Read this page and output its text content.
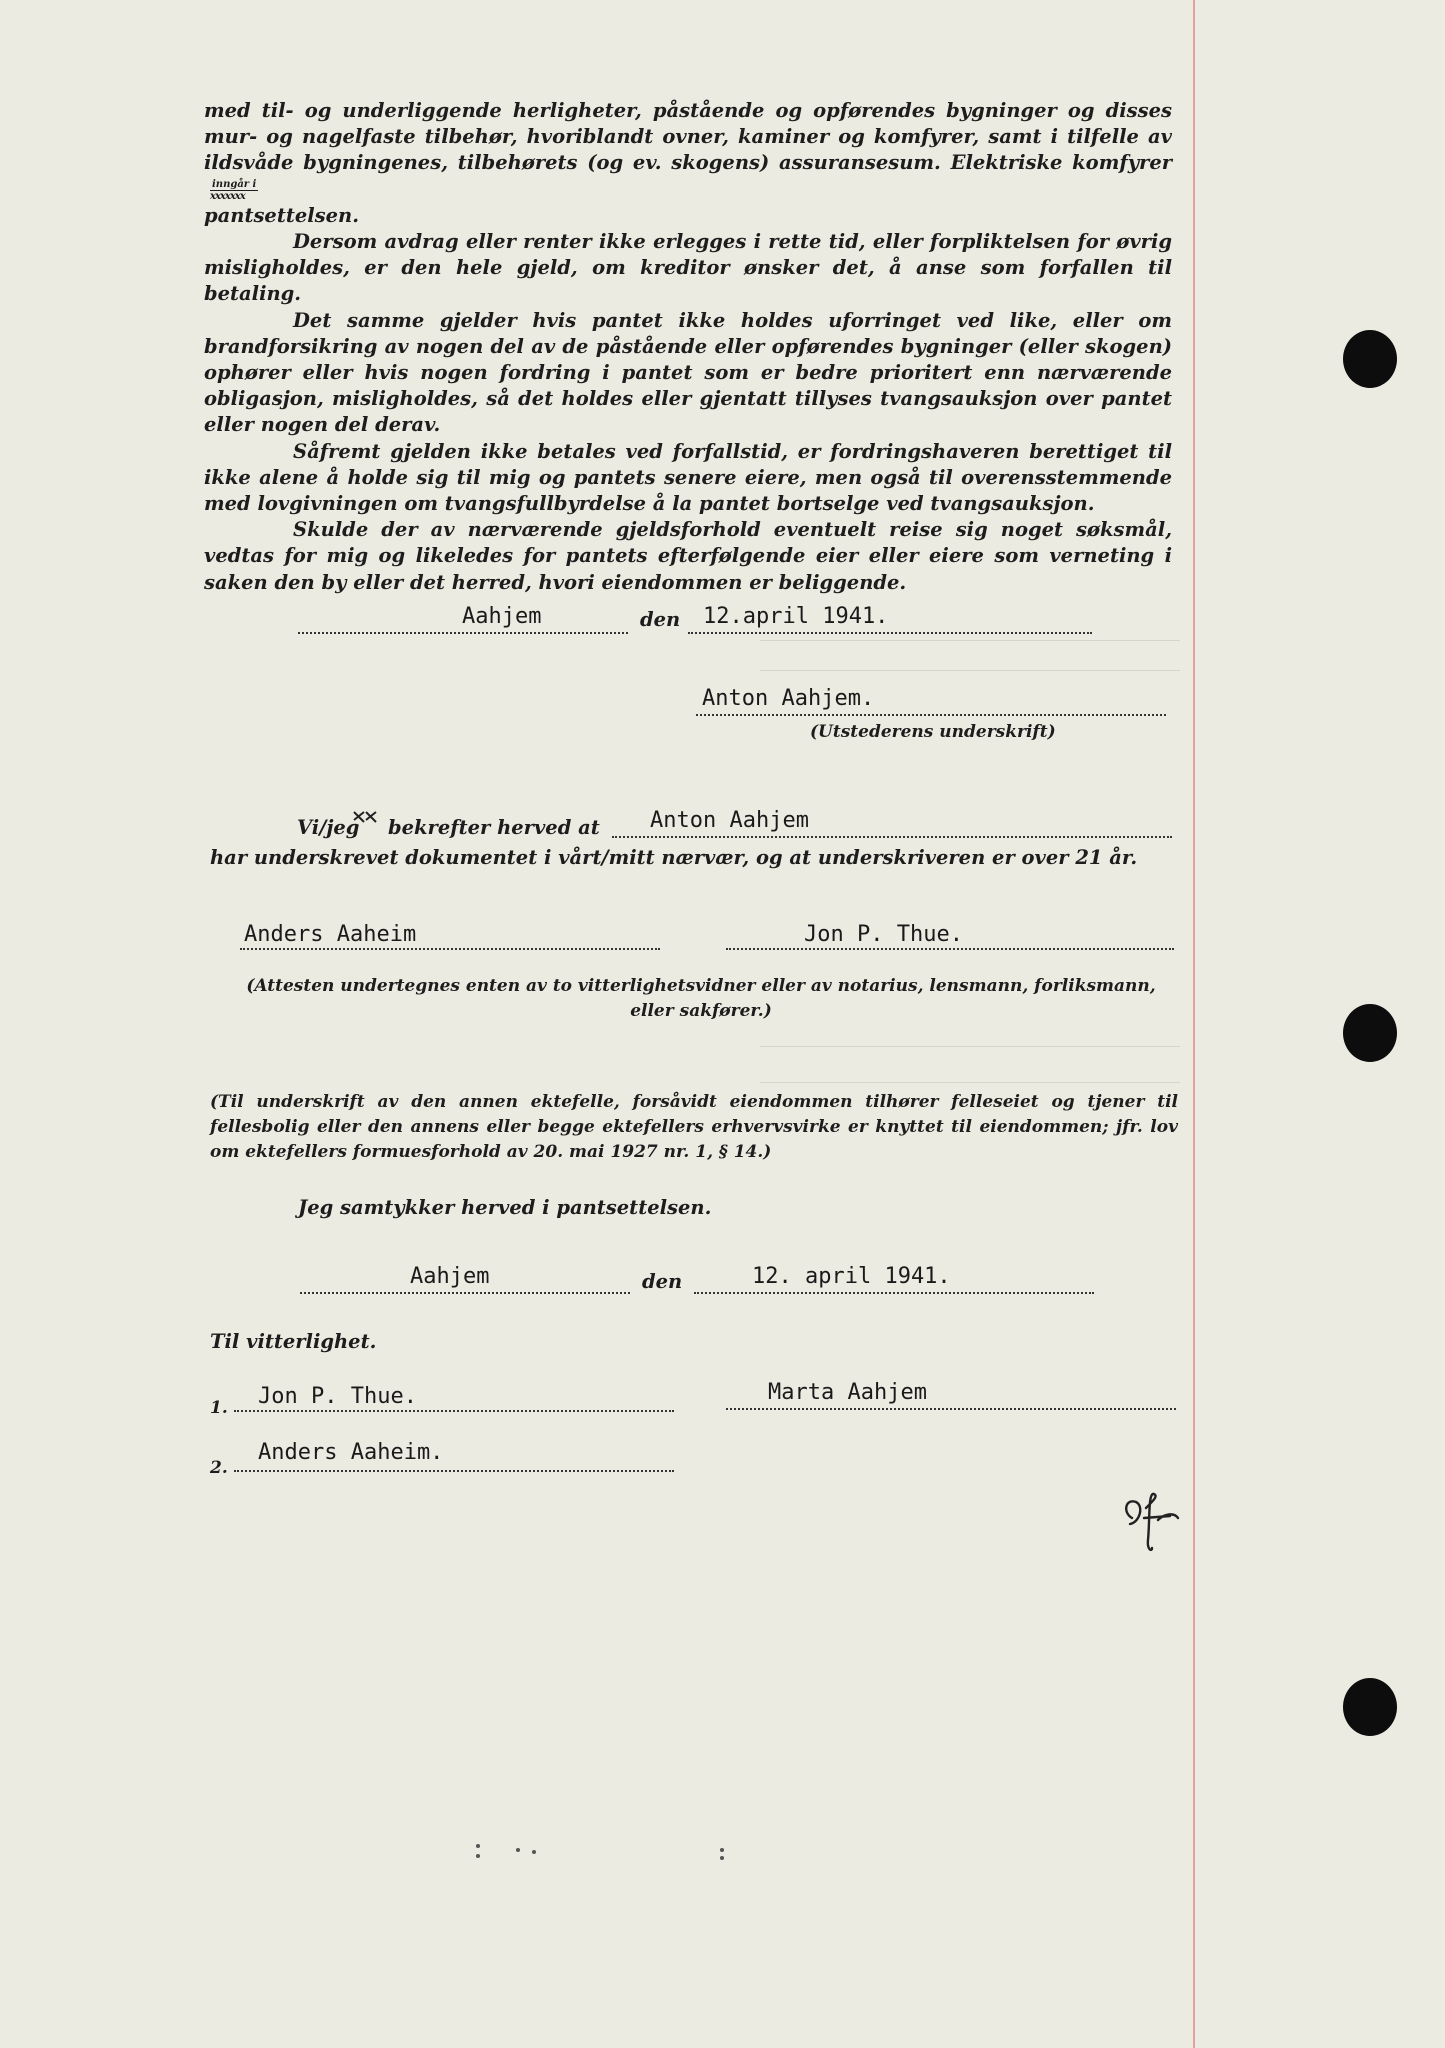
med til- og underliggende herligheter, påstående og opførendes bygninger og disses mur- og nagelfaste tilbehør, hvoriblandt ovner, kaminer og komfyrer, samt i tilfelle av ildsvåde bygningenes, tilbehørets (og ev. skogens) assuransesum. Elektriske komfyrer
$\frac{\text{inngår i}}{\text{xxxxxxx}}$

pantsettelsen.

Dersom avdrag eller renter ikke erlegges i rette tid, eller forpliktelsen for øvrig misligholdes, er den hele gjeld, om kreditor ønsker det, å anse som forfallen til betaling.

Det samme gjelder hvis pantet ikke holdes uforringet ved like, eller om brandforsikring av nogen del av de påstående eller opførendes bygninger (eller skogen) ophører eller hvis nogen fordring i pantet som er bedre prioritert enn nærværende obligasjon, misligholdes, så det holdes eller gjentatt tillyses tvangsauksjon over pantet eller nogen del derav.

Såfremt gjelden ikke betales ved forfallstid, er fordringshaveren berettiget til ikke alene å holde sig til mig og pantets senere eiere, men også til overensstemmende med lovgivningen om tvangsfullbyrdelse å la pantet bortselge ved tvangsauksjon.

Skulde der av nærværende gjeldsforhold eventuelt reise sig noget søksmål, vedtas for mig og likeledes for pantets efterfølgende eier eller eiere som verneting i saken den by eller det herred, hvori eiendommen er beliggende.

Aahjem	den 12.april 1941.
Anton Aahjem.
(Utstederens underskrift)
Vi/jeg bekrefter herved at Anton Aahjem
har underskrevet dokumentet i vårt/mitt nærvær, og at underskriveren er over 21 år.
Anders Aaheim	Jon P. Thue.
(Attesten undertegnes enten av to vitterlighetsvidner eller av notarius, lensmann, forliksmann, eller sakfører.)
(Til underskrift av den annen ektefelle, forsåvidt eiendommen tilhører felleseiet og tjener til fellesbolig eller den annens eller begge ektefellers erhvervsvirke er knyttet til eiendommen; jfr. lov om ektefellers formuesforhold av 20. mai 1927 nr. 1, § 14.)
Jeg samtykker herved i pantsettelsen.
Aahjem	den	12. april 1941.
Til vitterlighet.
1. Jon P. Thue.	Marta Aahjem
2.
Anders Aaheim.
